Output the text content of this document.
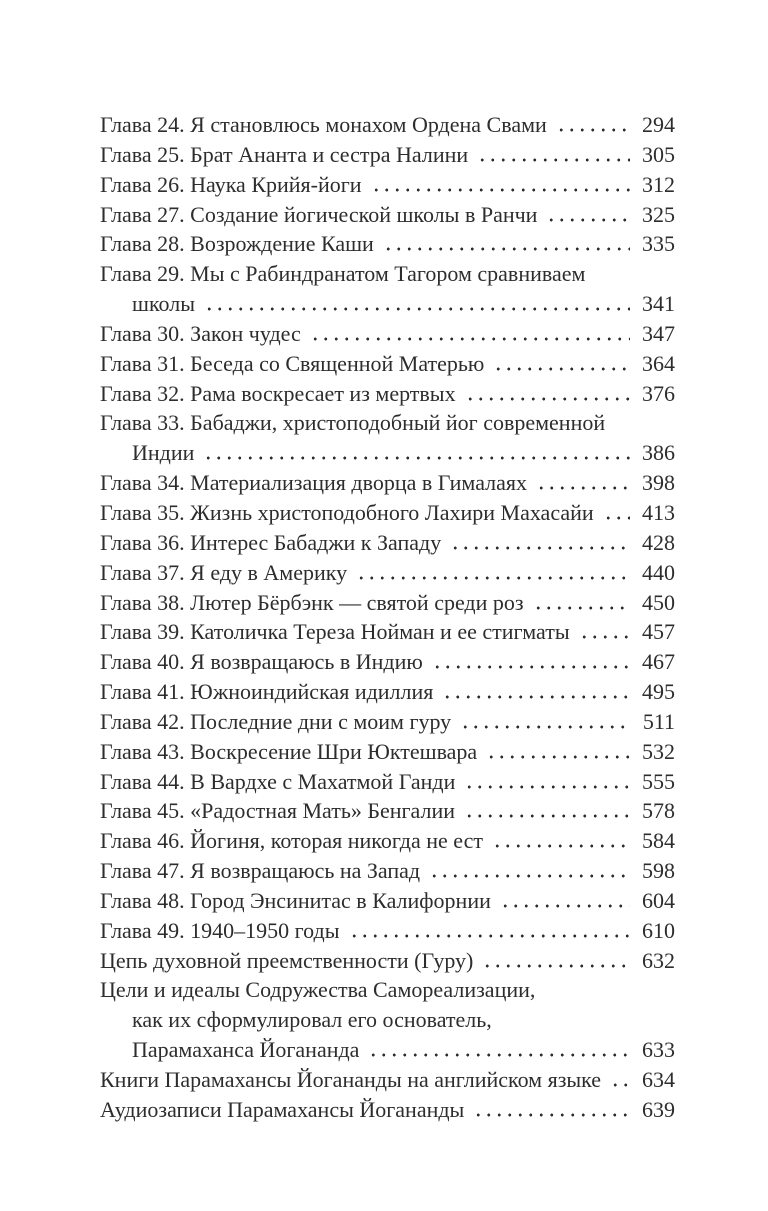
Глава 24. Я становлюсь монахом Ордена Свами	294
Глава 25. Брат Ананта и сестра Налини	305
Глава 26. Наука Крийя-йоги	312
Глава 27. Создание йогической школы в Ранчи	325
Глава 28. Возрождение Каши	335
Глава 29. Мы с Рабиндранатом Тагором сравниваем
школы	341
Глава 30. Закон чудес	347
Глава 31. Беседа со Священной Матерью	364
Глава 32. Рама воскресает из мертвых	376
Глава 33. Бабаджи, христоподобный йог современной
Индии	386
Глава 34. Материализация дворца в Гималаях	398
Глава 35. Жизнь христоподобного Лахири Махасайи 413
Глава 36. Интерес Бабаджи к Западу	428
Глава 37. Я еду в Америку	440
Глава 38. Лютер Бёрбэнк — святой среди роз	450
Глава 39. Католичка Тереза Нойман и ее стигматы	457
Глава 40. Я возвращаюсь в Индию	467
Глава 41. Южноиндийская идиллия	495
Глава 42. Последние дни с моим гуру	511
Глава 43. Воскресение Шри Юктешвара	532
Глава 44. В Вардхе с Махатмой Ганди	555
Глава 45. «Радостная Мать» Бенгалии	578
Глава 46. Йогиня, которая никогда не ест	584
Глава 47. Я возвращаюсь на Запад	598
Глава 48. Город Энсинитас в Калифорнии	604
Глава 49. 1940–1950 годы	610
Цепь духовной преемственности (Гуру)	632
Цели и идеалы Содружества Самореализации,
как их сформулировал его основатель,
Парамаханса Йогананда	633
Книги Парамахансы Йогананды на английском языке 634
Аудиозаписи Парамахансы Йогананды	639
